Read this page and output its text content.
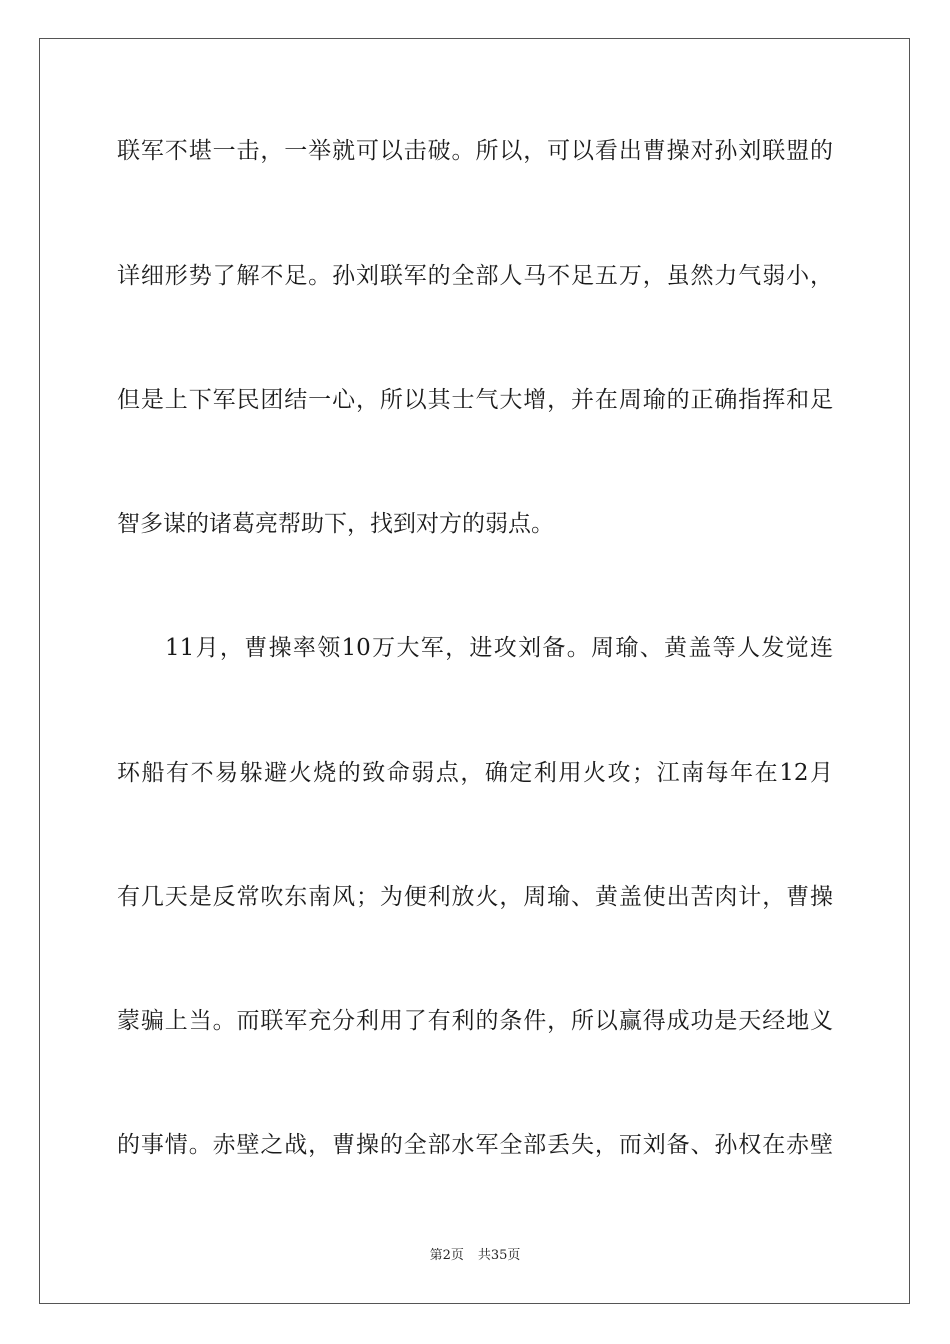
联军不堪一击，一举就可以击破。所以，可以看出曹操对孙刘联盟的
详细形势了解不足。孙刘联军的全部人马不足五万，虽然力气弱小，
但是上下军民团结一心，所以其士气大增，并在周瑜的正确指挥和足
智多谋的诸葛亮帮助下，找到对方的弱点。
11月，曹操率领10万大军，进攻刘备。周瑜、黄盖等人发觉连
环船有不易躲避火烧的致命弱点，确定利用火攻；江南每年在12月
有几天是反常吹东南风；为便利放火，周瑜、黄盖使出苦肉计，曹操
蒙骗上当。而联军充分利用了有利的条件，所以赢得成功是天经地义
的事情。赤壁之战，曹操的全部水军全部丢失，而刘备、孙权在赤壁
第2页 共35页
